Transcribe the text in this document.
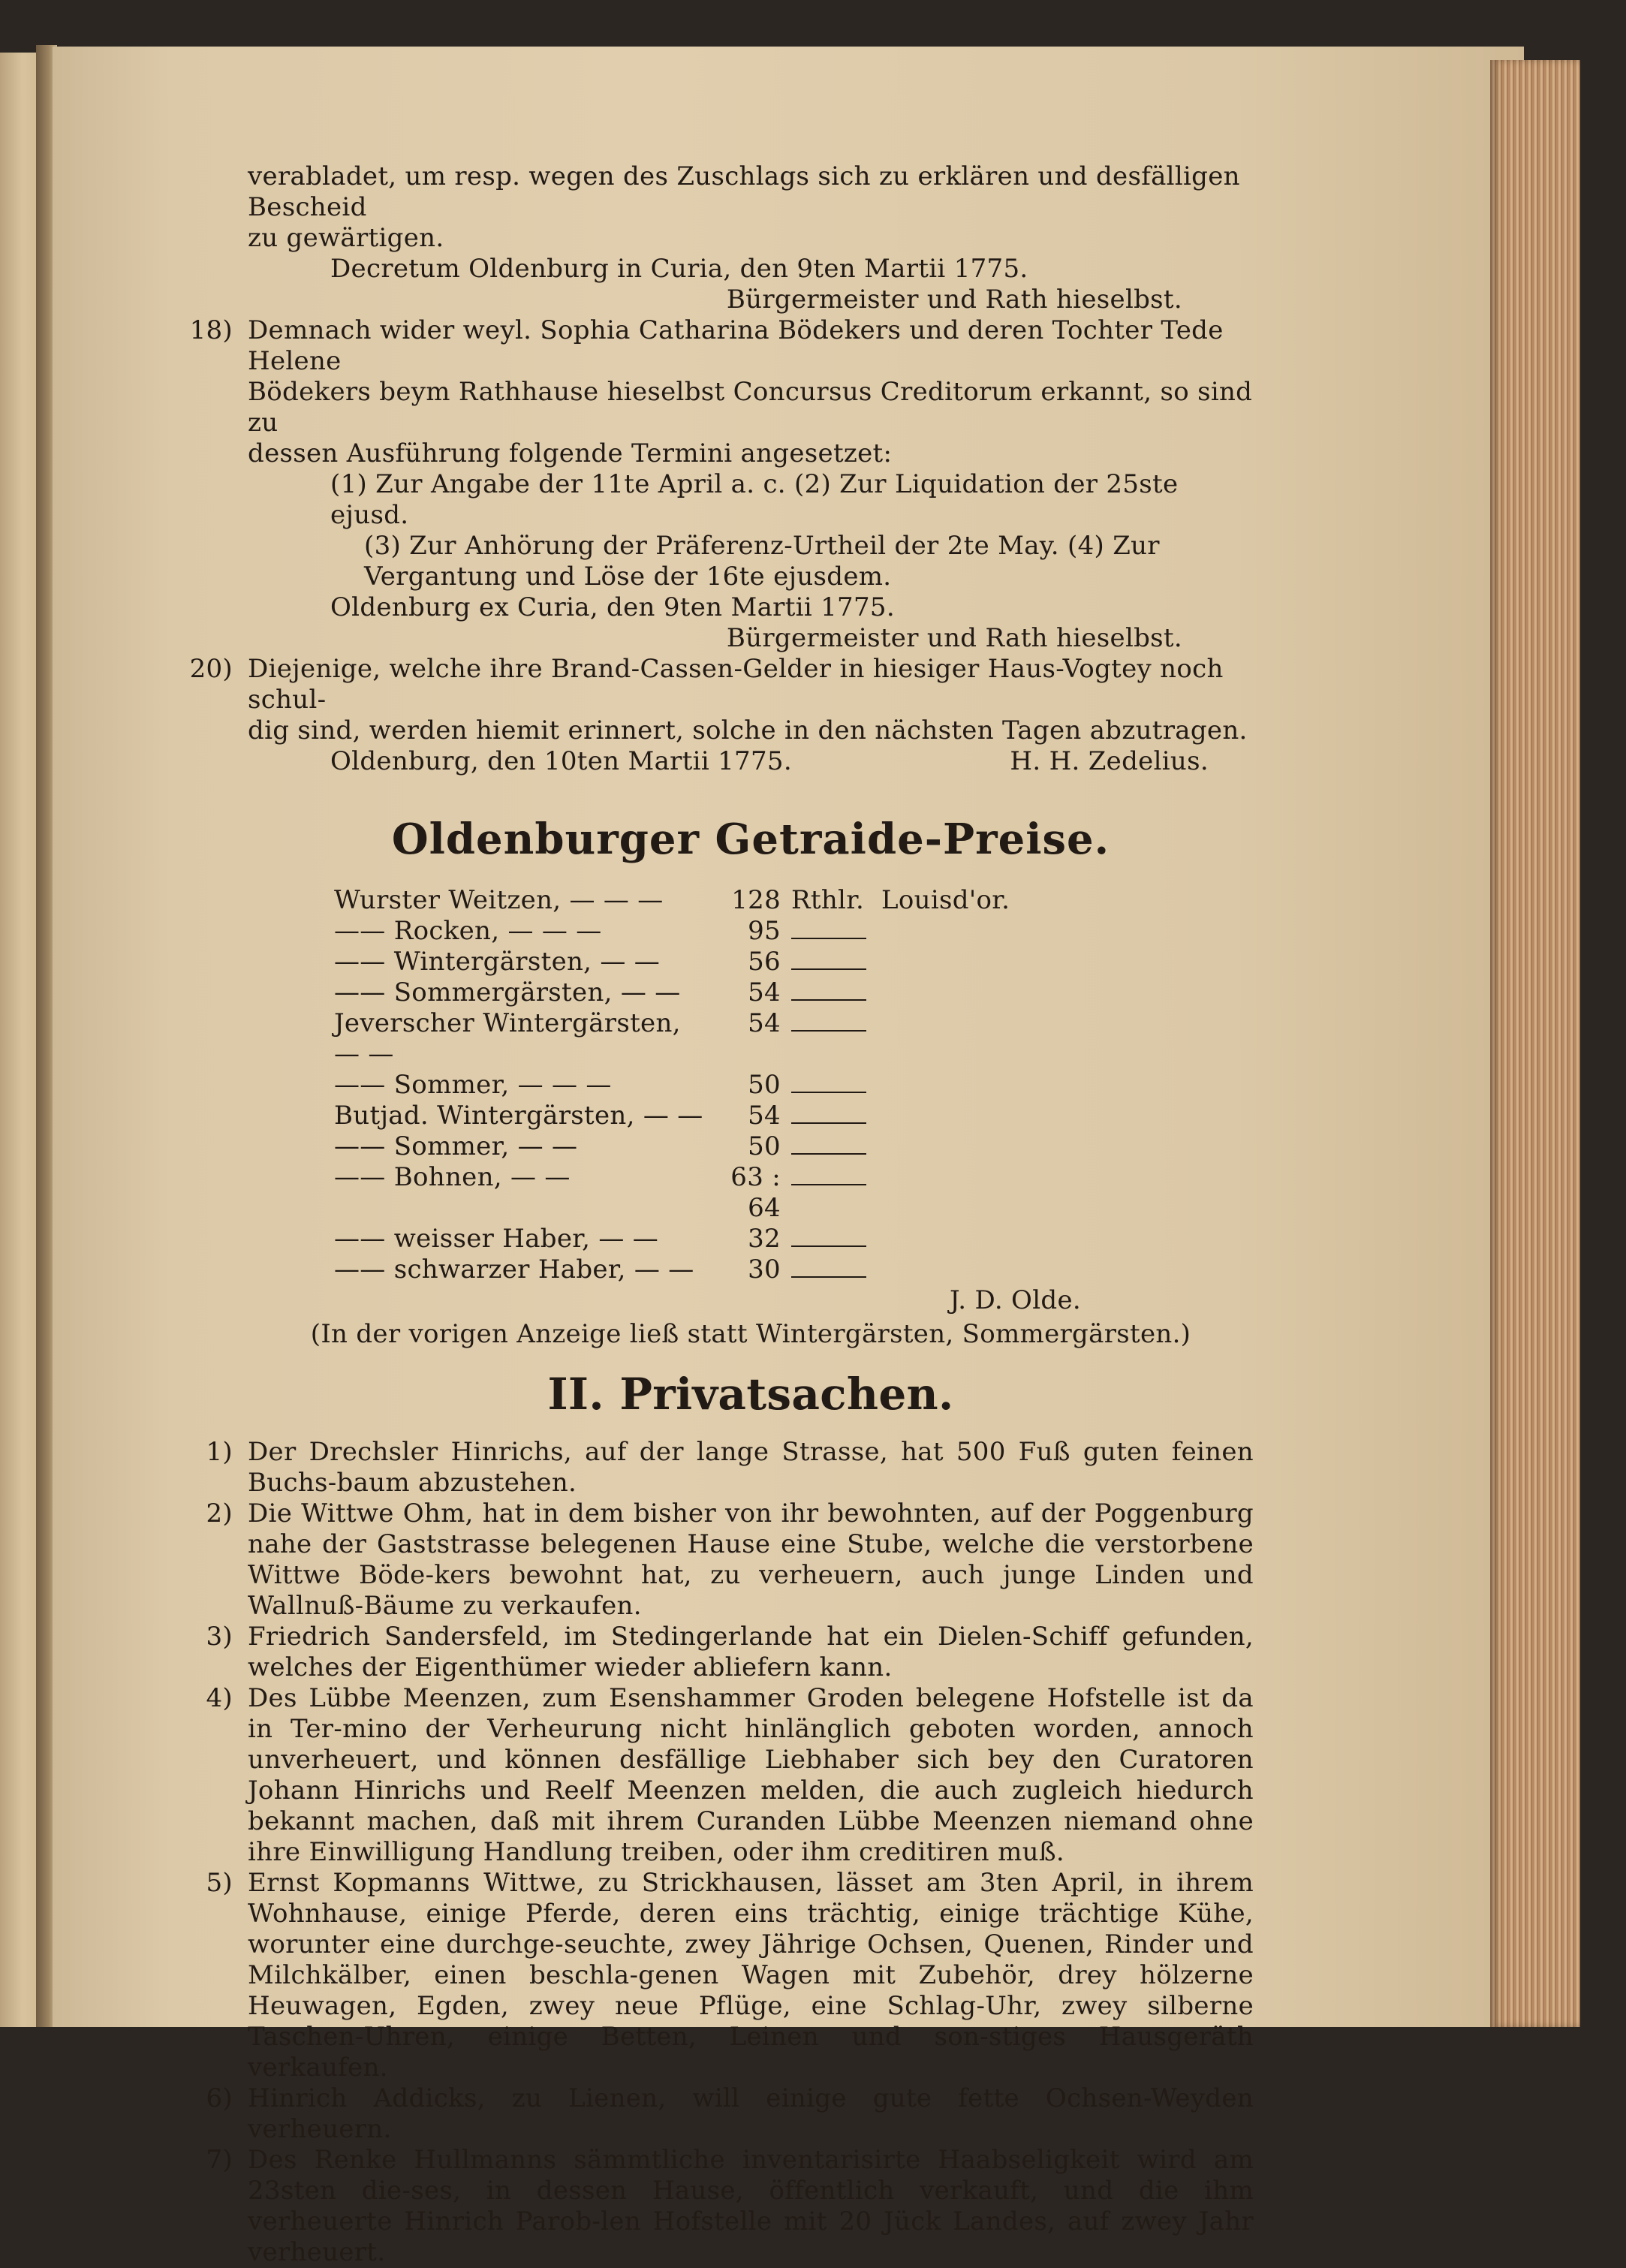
verabladet, um resp. wegen des Zuschlags sich zu erklären und desfälligen Bescheid

zu gewärtigen.

Decretum Oldenburg in Curia, den 9ten Martii 1775.

Bürgermeister und Rath hieselbst.

18) Demnach wider weyl. Sophia Catharina Bödekers und deren Tochter Tede Helene

Bödekers beym Rathhause hieselbst Concursus Creditorum erkannt, so sind zu

dessen Ausführung folgende Termini angesetzet:

(1) Zur Angabe der 11te April a. c. (2) Zur Liquidation der 25ste ejusd.

(3) Zur Anhörung der Präferenz-Urtheil der 2te May. (4) Zur

Vergantung und Löse der 16te ejusdem.

Oldenburg ex Curia, den 9ten Martii 1775.

Bürgermeister und Rath hieselbst.

20) Diejenige, welche ihre Brand-Cassen-Gelder in hiesiger Haus-Vogtey noch schul-

dig sind, werden hiemit erinnert, solche in den nächsten Tagen abzutragen.

Oldenburg, den 10ten Martii 1775.	H. H. Zedelius.

Oldenburger Getraide-Preise.

Wurster Weitzen, — — —	128	Rthlr.	Louisd'or.
—— Rocken, — — —	95		
—— Wintergärsten, — —	56		
—— Sommergärsten, — —	54		
Jeverscher Wintergärsten, — —	54		
—— Sommer, — — —	50		
Butjad. Wintergärsten, — —	54		
—— Sommer, — —	50		
—— Bohnen, — —	63 : 64		
—— weisser Haber, — —	32		
—— schwarzer Haber, — —	30		

J. D. Olde.

(In der vorigen Anzeige ließ statt Wintergärsten, Sommergärsten.)

II. Privatsachen.

1) Der Drechsler Hinrichs, auf der lange Strasse, hat 500 Fuß guten feinen Buchs-baum abzustehen.
2) Die Wittwe Ohm, hat in dem bisher von ihr bewohnten, auf der Poggenburg nahe der Gaststrasse belegenen Hause eine Stube, welche die verstorbene Wittwe Böde-kers bewohnt hat, zu verheuern, auch junge Linden und Wallnuß-Bäume zu verkaufen.
3) Friedrich Sandersfeld, im Stedingerlande hat ein Dielen-Schiff gefunden, welches der Eigenthümer wieder abliefern kann.
4) Des Lübbe Meenzen, zum Esenshammer Groden belegene Hofstelle ist da in Ter-mino der Verheurung nicht hinlänglich geboten worden, annoch unverheuert, und können desfällige Liebhaber sich bey den Curatoren Johann Hinrichs und Reelf Meenzen melden, die auch zugleich hiedurch bekannt machen, daß mit ihrem Curanden Lübbe Meenzen niemand ohne ihre Einwilligung Handlung treiben, oder ihm creditiren muß.
5) Ernst Kopmanns Wittwe, zu Strickhausen, lässet am 3ten April, in ihrem Wohnhause, einige Pferde, deren eins trächtig, einige trächtige Kühe, worunter eine durchge-seuchte, zwey Jährige Ochsen, Quenen, Rinder und Milchkälber, einen beschla-genen Wagen mit Zubehör, drey hölzerne Heuwagen, Egden, zwey neue Pflüge, eine Schlag-Uhr, zwey silberne Taschen-Uhren, einige Betten, Leinen und son-stiges Hausgeräth verkaufen.
6) Hinrich Addicks, zu Lienen, will einige gute fette Ochsen-Weyden verheuern.
7) Des Renke Hullmanns sämmtliche inventarisirte Haabseligkeit wird am 23sten die-ses, in dessen Hause, öffentlich verkauft, und die ihm verheuerte Hinrich Parob-len Hofstelle mit 20 Jück Landes, auf zwey Jahr verheuert.
